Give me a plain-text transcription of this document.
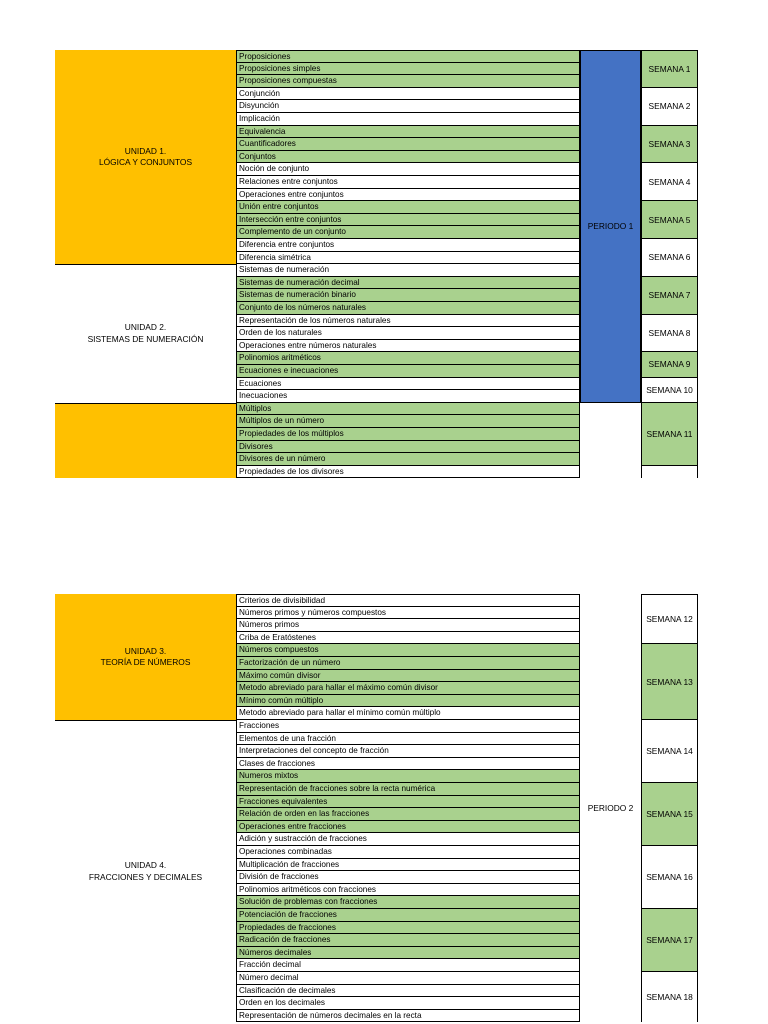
UNIDAD 1.
LÓGICA Y CONJUNTOS
UNIDAD 2.
SISTEMAS DE NUMERACIÓN
Proposiciones
Proposiciones simples
Proposiciones compuestas
Conjunción
Disyunción
Implicación
Equivalencia
Cuantificadores
Conjuntos
Noción de conjunto
Relaciones entre conjuntos
Operaciones entre conjuntos
Unión entre conjuntos
Intersección entre conjuntos
Complemento de un conjunto
Diferencia entre conjuntos
Diferencia simétrica
Sistemas de numeración
Sistemas de numeración decimal
Sistemas de numeración binario
Conjunto de los números naturales
Representación de los números naturales
Orden de los naturales
Operaciones entre números naturales
Polinomios aritméticos
Ecuaciones e inecuaciones
Ecuaciones
Inecuaciones
Múltiplos
Múltiplos de un número
Propiedades de los múltiplos
Divisores
Divisores de un número
Propiedades de los divisores
PERIODO 1
SEMANA 1
SEMANA 2
SEMANA 3
SEMANA 4
SEMANA 5
SEMANA 6
SEMANA 7
SEMANA 8
SEMANA 9
SEMANA 10
SEMANA 11
UNIDAD 3.
TEORÍA DE NÚMEROS
UNIDAD 4.
FRACCIONES Y DECIMALES
Criterios de divisibilidad
Números primos y números compuestos
Números primos
Criba de Eratóstenes
Números compuestos
Factorización de un número
Máximo común divisor
Metodo abreviado para hallar el máximo común divisor
Mínimo común múltiplo
Metodo abreviado para hallar el mínimo común múltiplo
Fracciones
Elementos de una fracción
Interpretaciones del concepto de fracción
Clases de fracciones
Numeros mixtos
Representación de fracciones sobre la recta numérica
Fracciones equivalentes
Relación de orden en las fracciones
Operaciones entre fracciones
Adición y sustracción de fracciones
Operaciones combinadas
Multiplicación de fracciones
División de fracciones
Polinomios aritméticos con fracciones
Solución de problemas con fracciones
Potenciación de fracciones
Propiedades de fracciones
Radicación de fracciones
Números decimales
Fracción decimal
Número decimal
Clasificación de decimales
Orden en los decimales
Representación de números decimales en la recta
PERIODO 2
SEMANA 12
SEMANA 13
SEMANA 14
SEMANA 15
SEMANA 16
SEMANA 17
SEMANA 18
